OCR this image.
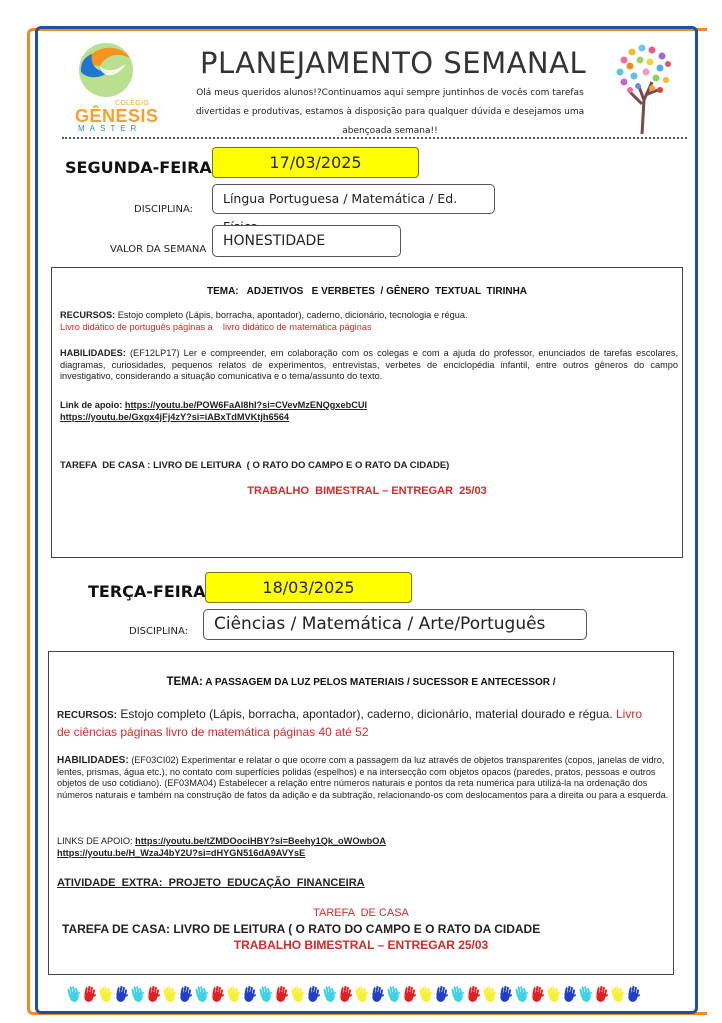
COLÉGIO
GÊNESIS
MASTER
PLANEJAMENTO SEMANAL

Olá meus queridos alunos!?Continuamos aqui sempre juntinhos de vocês com tarefas divertidas e produtivas, estamos à disposição para qualquer dúvida e desejamos uma abençoada semana!!

SEGUNDA-FEIRA	17/03/2025
DISCIPLINA:
Língua Portuguesa / Matemática / Ed.
VALOR DA SEMANA
HONESTIDADE
TEMA: ADJETIVOS   E VERBETES  / GÊNERO  TEXTUAL  TIRINHA
RECURSOS: Estojo completo (Lápis, borracha, apontador), caderno, dicionário, tecnologia e régua.
Livro didático de português páginas a    livro didático de matemática páginas
HABILIDADES: (EF12LP17) Ler e compreender, em colaboração com os colegas e com a ajuda do professor, enunciados de tarefas escolares, diagramas, curiosidades, pequenos relatos de experimentos, entrevistas, verbetes de enciclopédia infantil, entre outros gêneros do campo investigativo, considerando a situação comunicativa e o tema/assunto do texto.
Link de apoio: https://youtu.be/POW6FaAl8hI?si=CVevMzENQgxebCUI
https://youtu.be/Gxgx4jFj4zY?si=iABxTdMVKtjh6564
TAREFA  DE CASA : LIVRO DE LEITURA  ( O RATO DO CAMPO E O RATO DA CIDADE)
TRABALHO  BIMESTRAL – ENTREGAR  25/03
TERÇA-FEIRA	18/03/2025
DISCIPLINA:	Ciências / Matemática / Arte/Português
TEMA: A PASSAGEM DA LUZ PELOS MATERIAIS / SUCESSOR E ANTECESSOR /
RECURSOS: Estojo completo (Lápis, borracha, apontador), caderno, dicionário, material dourado e régua. Livro de ciências páginas livro de matemática páginas 40 até 52
HABILIDADES: (EF03CI02) Experimentar e relatar o que ocorre com a passagem da luz através de objetos transparentes (copos, janelas de vidro, lentes, prismas, água etc.), no contato com superfícies polidas (espelhos) e na intersecção com objetos opacos (paredes, pratos, pessoas e outros objetos de uso cotidiano). (EF03MA04) Estabelecer a relação entre números naturais e pontos da reta numérica para utilizá-la na ordenação dos números naturais e também na construção de fatos da adição e da subtração, relacionando-os com deslocamentos para a direita ou para a esquerda.
LINKS DE APOIO: https://youtu.be/tZMDOociHBY?si=Beehy1Qk_oWOwbOA
https://youtu.be/H_WzaJ4bY2U?si=dHYGN516dA9AVYsE
ATIVIDADE  EXTRA:  PROJETO  EDUCAÇÃO  FINANCEIRA
TAREFA  DE CASA
TAREFA DE CASA: LIVRO DE LEITURA ( O RATO DO CAMPO E O RATO DA CIDADE
TRABALHO BIMESTRAL – ENTREGAR 25/03
